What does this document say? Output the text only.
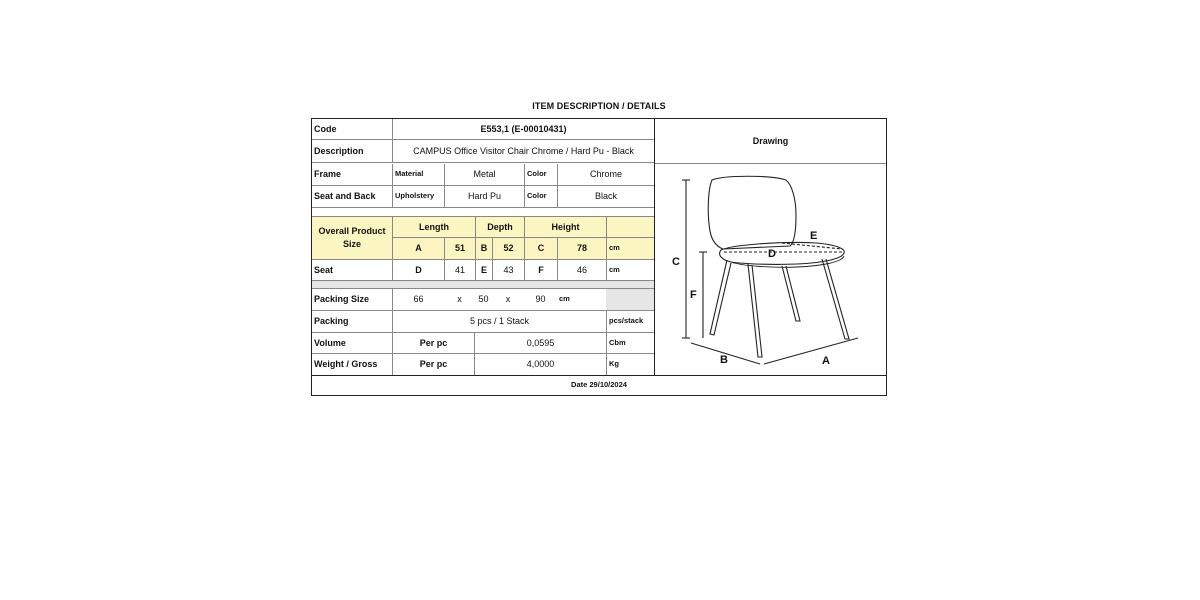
ITEM DESCRIPTION / DETAILS
Code	E553,1 (E-00010431)
Description	CAMPUS Office Visitor Chair Chrome / Hard Pu - Black
Drawing
Frame	Material	Metal	Color	Chrome
Seat and Back	Upholstery	Hard Pu	Color	Black
Overall Product Size
Length	Depth	Height
A	51	B	52	C	78	cm
Seat	D	41	E	43	F	46	cm
Packing Size	66	x	50	x	90	cm
Packing	5 pcs / 1 Stack	pcs/stack
Volume	Per pc	0,0595	Cbm
Weight / Gross	Per pc	4,0000	Kg
Date 29/10/2024
C
F
D
E
B	A
